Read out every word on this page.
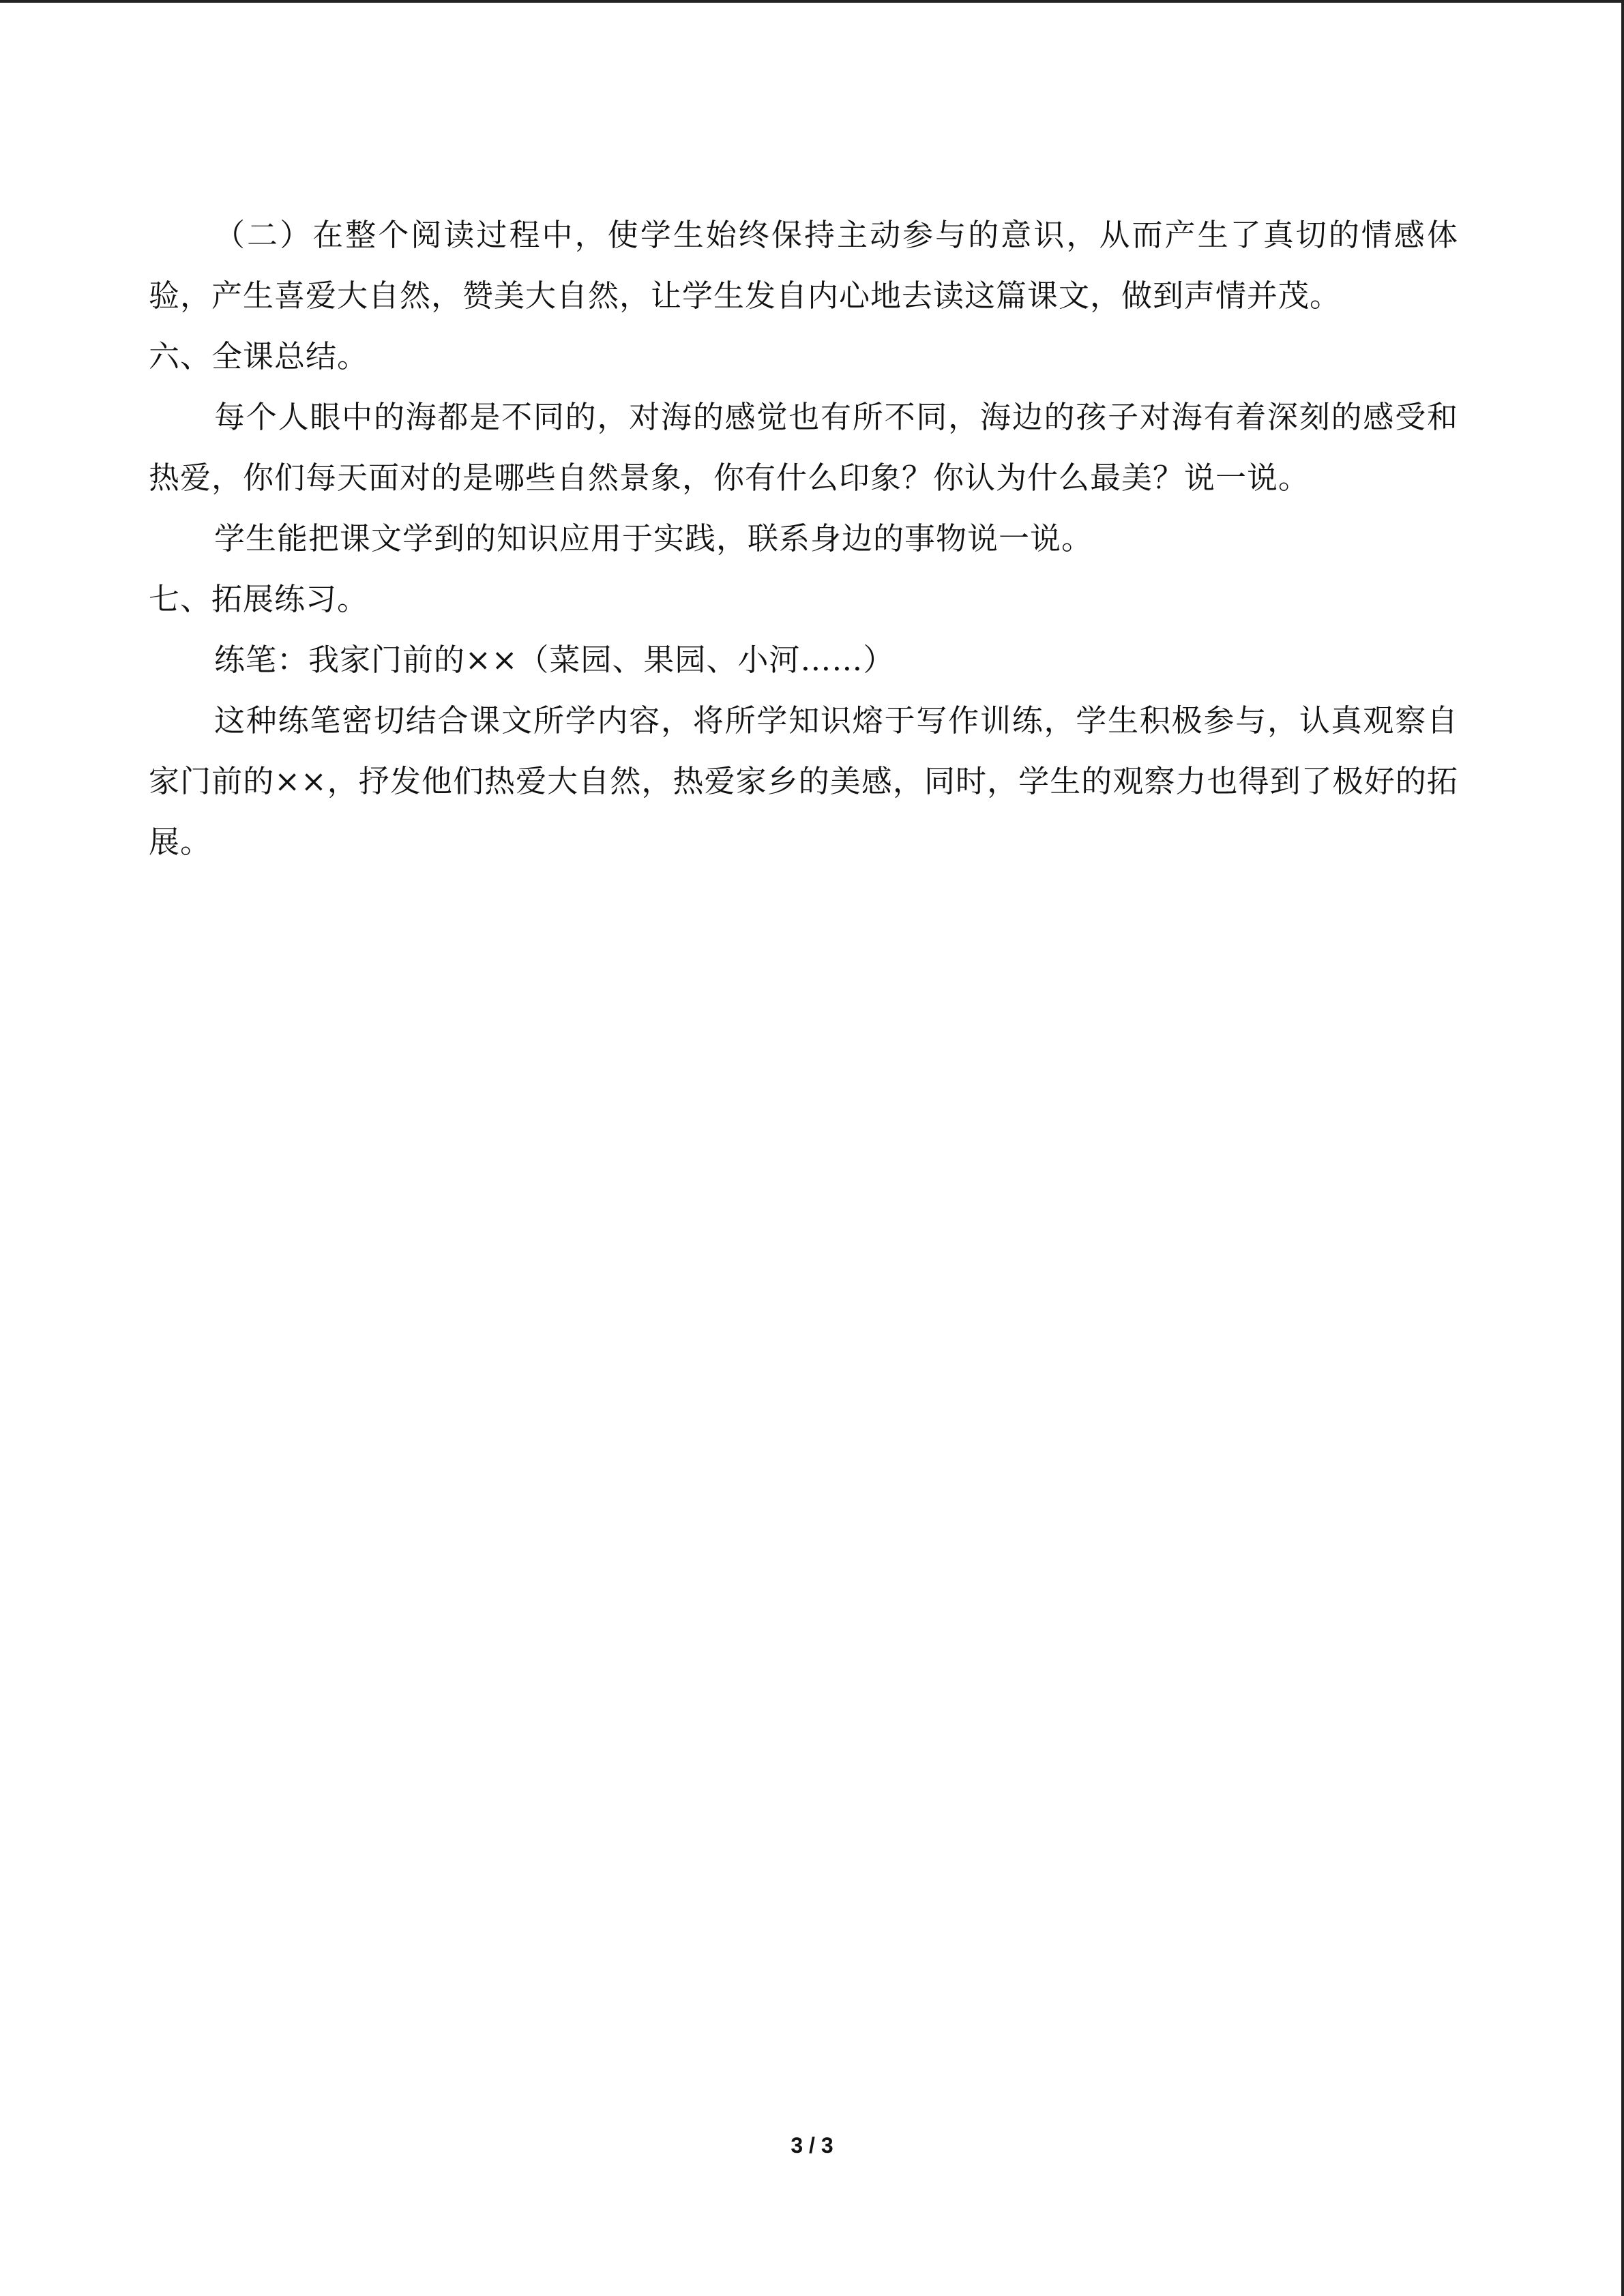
（二）在整个阅读过程中，使学生始终保持主动参与的意识，从而产生了真切的情感体验，产生喜爱大自然，赞美大自然，让学生发自内心地去读这篇课文，做到声情并茂。

六、全课总结。

每个人眼中的海都是不同的，对海的感觉也有所不同，海边的孩子对海有着深刻的感受和热爱，你们每天面对的是哪些自然景象，你有什么印象？你认为什么最美？说一说。

学生能把课文学到的知识应用于实践，联系身边的事物说一说。

七、拓展练习。

练笔：我家门前的××（菜园、果园、小河……）

这种练笔密切结合课文所学内容，将所学知识熔于写作训练，学生积极参与，认真观察自家门前的××，抒发他们热爱大自然，热爱家乡的美感，同时，学生的观察力也得到了极好的拓展。

3 / 3
